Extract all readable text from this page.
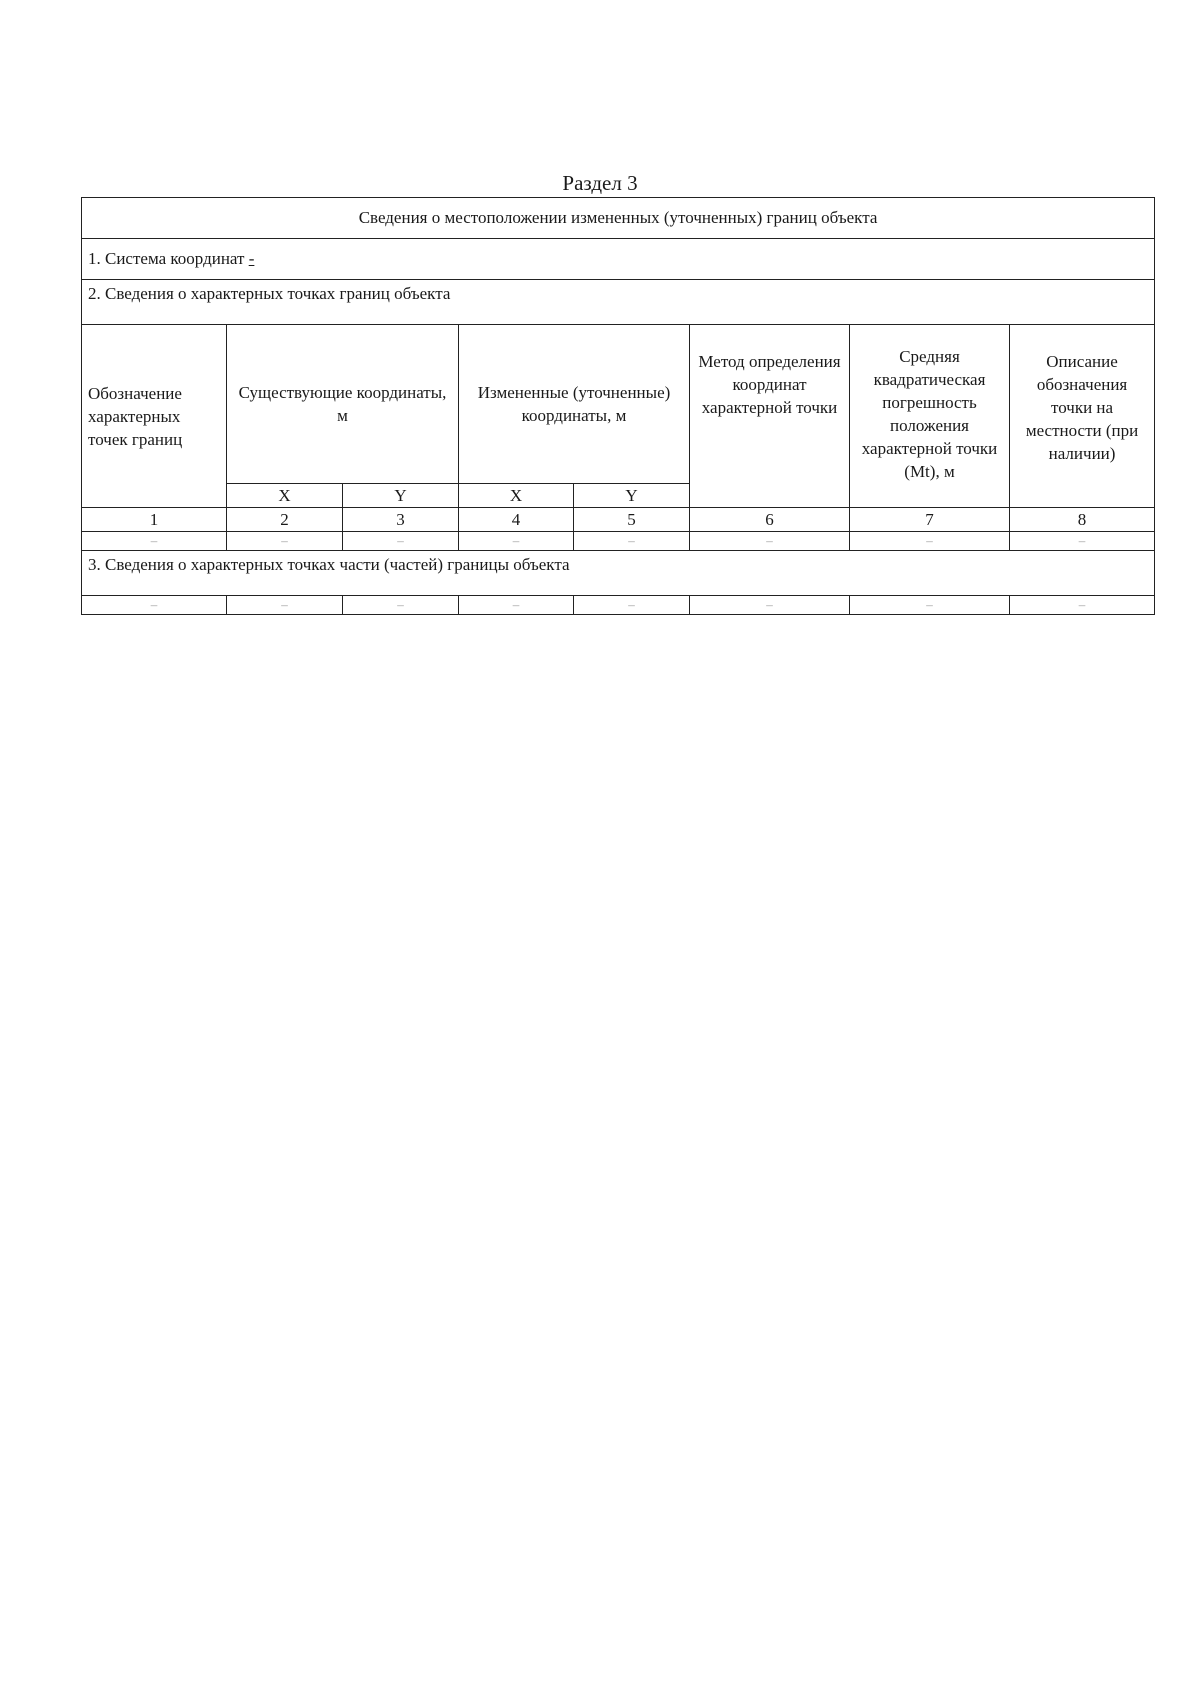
Раздел 3
Сведения о местоположении измененных (уточненных) границ объекта							
1. Система координат -							
2. Сведения о характерных точках границ объекта							
Обозначение характерных точек границ	Существующие координаты, м		Измененные (уточненные) координаты, м		Метод определения координат характерной точки	Средняя квадратическая погрешность положения характерной точки (Mt), м	Описание обозначения точки на местности (при наличии)
	X	Y	X	Y			
1	2	3	4	5	6	7	8
–	–	–	–	–	–	–	–
3. Сведения о характерных точках части (частей) границы объекта							
–	–	–	–	–	–	–	–
